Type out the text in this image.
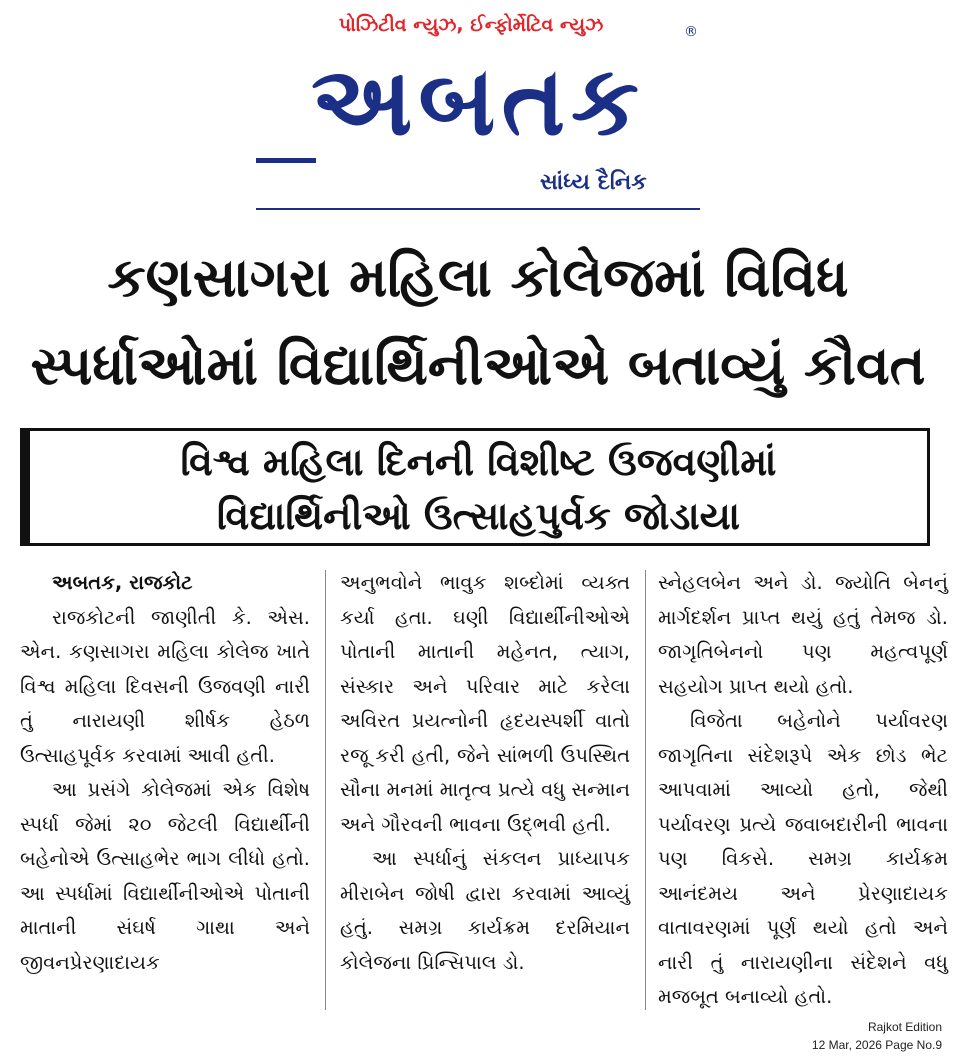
પોઝિટીવ ન્યુઝ, ઈન્ફોર્મેટિવ ન્યુઝ	®
અબતક
સાંધ્ય દૈનિક
કણસાગરા મહિલા કોલેજમાં વિવિધ
સ્પર્ધાઓમાં વિદ્યાર્થિનીઓએ બતાવ્યું કૌવત
વિશ્વ મહિલા દિનની વિશીષ્ટ ઉજવણીમાં
વિદ્યાર્થિનીઓ ઉત્સાહપુર્વક જોડાયા

અબતક, રાજકોટ

રાજકોટની જાણીતી કે. એસ. એન. કણસાગરા મહિલા કોલેજ ખાતે વિશ્વ મહિલા દિવસની ઉજવણી નારી તું નારાયણી શીર્ષક હેઠળ ઉત્સાહપૂર્વક કરવામાં આવી હતી.

આ પ્રસંગે કોલેજમાં એક વિશેષ સ્પર્ધા જેમાં ૨૦ જેટલી વિદ્યાર્થીની બહેનોએ ઉત્સાહભેર ભાગ લીધો હતો. આ સ્પર્ધામાં વિદ્યાર્થીનીઓએ પોતાની માતાની સંઘર્ષ ગાથા અને જીવનપ્રેરણાદાયક

અનુભવોને ભાવુક શબ્દોમાં વ્યક્ત કર્યા હતા. ઘણી વિદ્યાર્થીનીઓએ પોતાની માતાની મહેનત, ત્યાગ, સંસ્કાર અને પરિવાર માટે કરેલા અવિરત પ્રયત્નોની હૃદયસ્પર્શી વાતો રજૂ કરી હતી, જેને સાંભળી ઉપસ્થિત સૌના મનમાં માતૃત્વ પ્રત્યે વધુ સન્માન અને ગૌરવની ભાવના ઉદ્ભવી હતી.

આ સ્પર્ધાનું સંકલન પ્રાધ્યાપક મીરાબેન જોષી દ્વારા કરવામાં આવ્યું હતું. સમગ્ર કાર્યક્રમ દરમિયાન કોલેજના પ્રિન્સિપાલ ડો.

સ્નેહલબેન અને ડો. જ્યોતિ બેનનું માર્ગદર્શન પ્રાપ્ત થયું હતું તેમજ ડો. જાગૃતિબેનનો પણ મહત્વપૂર્ણ સહયોગ પ્રાપ્ત થયો હતો.

વિજેતા બહેનોને પર્યાવરણ જાગૃતિના સંદેશરૂપે એક છોડ ભેટ આપવામાં આવ્યો હતો, જેથી પર્યાવરણ પ્રત્યે જવાબદારીની ભાવના પણ વિકસે. સમગ્ર કાર્યક્રમ આનંદમય અને પ્રેરણાદાયક વાતાવરણમાં પૂર્ણ થયો હતો અને નારી તું નારાયણીના સંદેશને વધુ મજબૂત બનાવ્યો હતો.

Rajkot Edition
12 Mar, 2026 Page No.9
